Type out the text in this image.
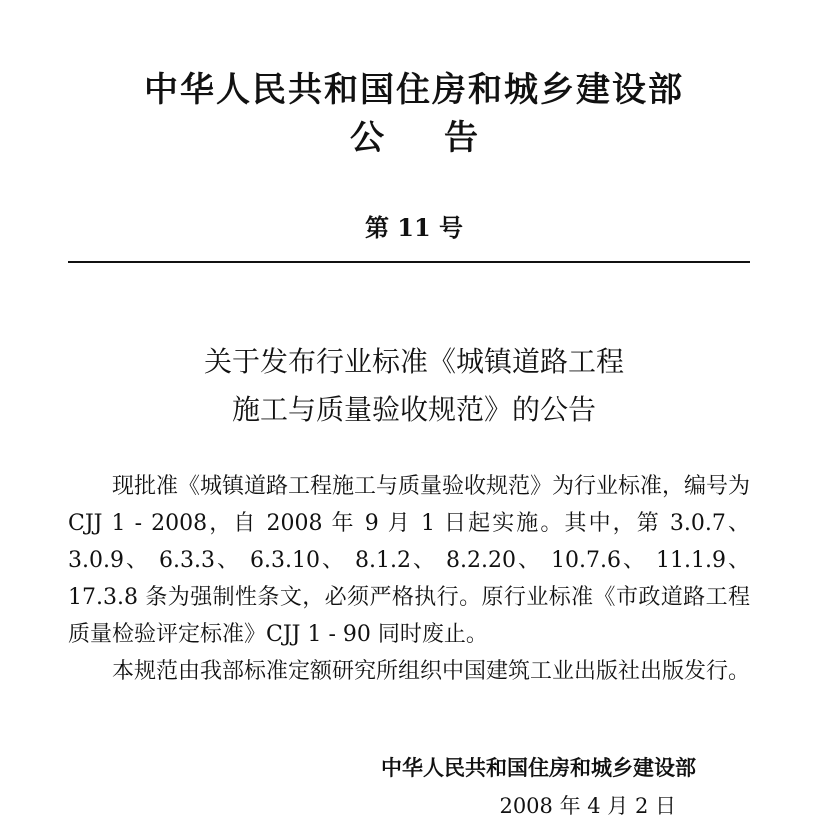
中华人民共和国住房和城乡建设部
公告
第 11 号
关于发布行业标准《城镇道路工程
施工与质量验收规范》的公告

现批准《城镇道路工程施工与质量验收规范》为行业标准，编号为 CJJ 1 - 2008，自 2008 年 9 月 1 日起实施。其中，第 3.0.7、 3.0.9、 6.3.3、 6.3.10、 8.1.2、 8.2.20、 10.7.6、 11.1.9、17.3.8 条为强制性条文，必须严格执行。原行业标准《市政道路工程质量检验评定标准》CJJ 1 - 90 同时废止。

本规范由我部标准定额研究所组织中国建筑工业出版社出版发行。

中华人民共和国住房和城乡建设部
2008 年 4 月 2 日
